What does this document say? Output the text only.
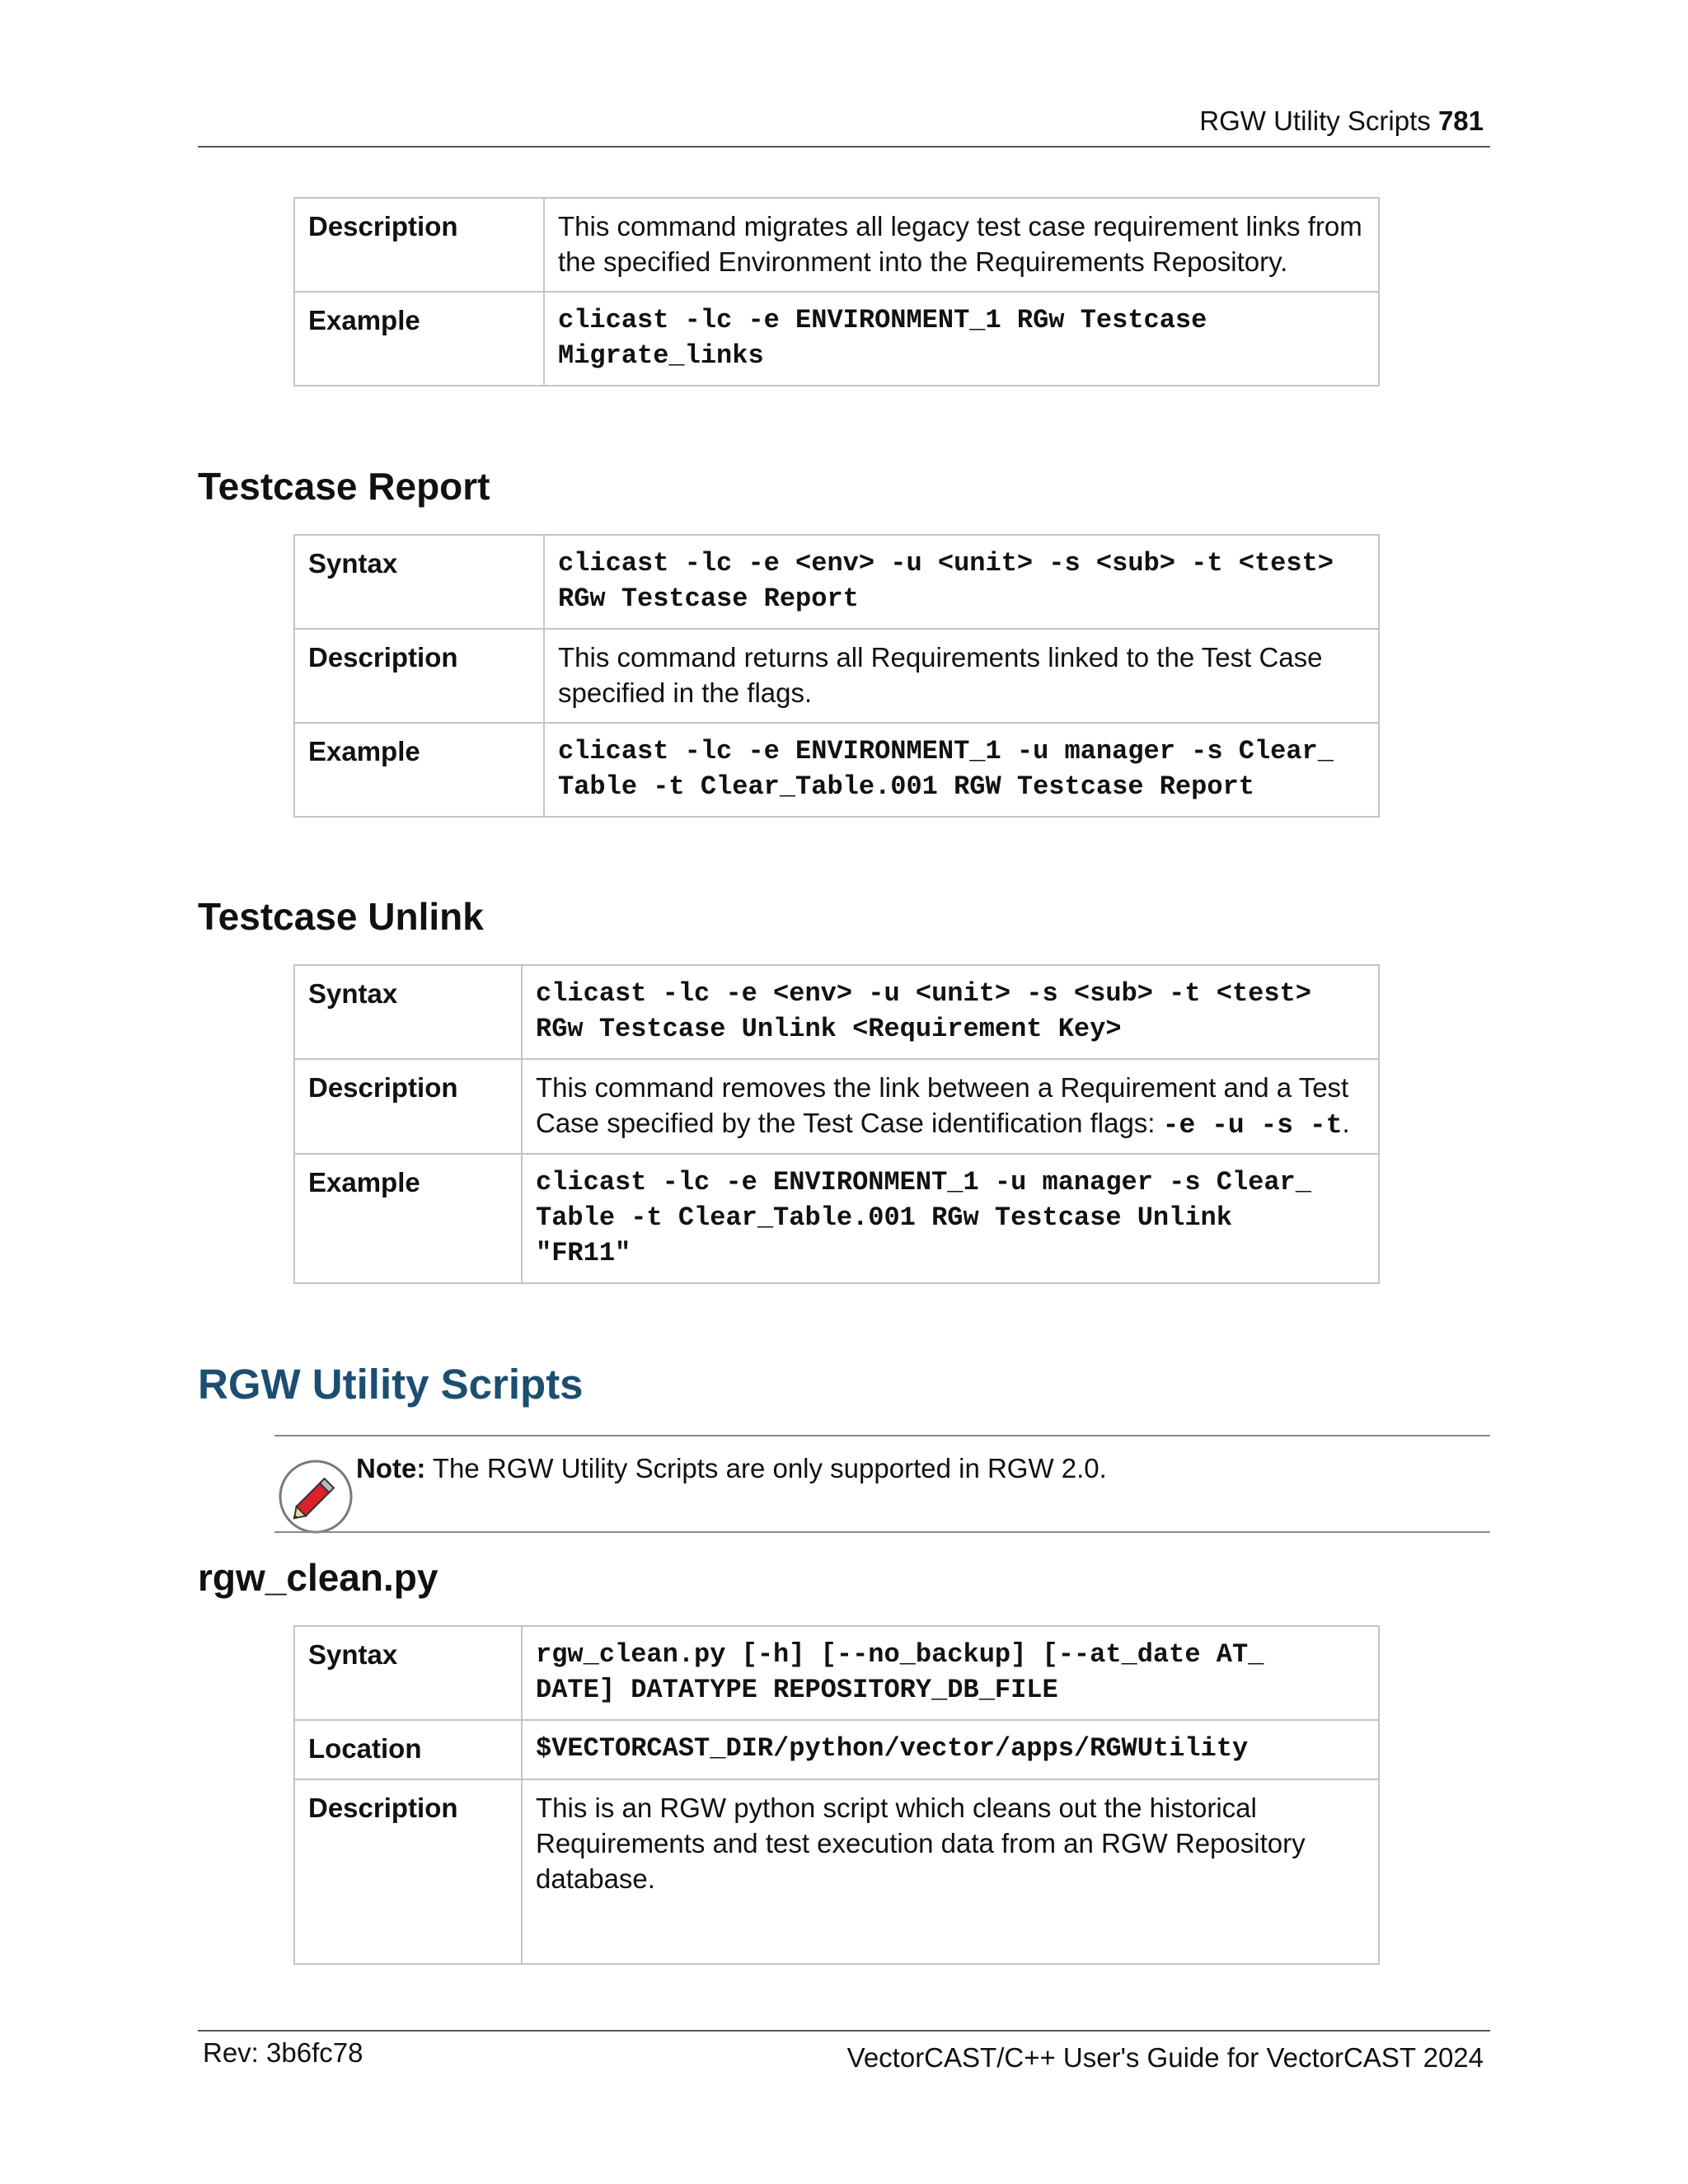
RGW Utility Scripts 781
Description	This command migrates all legacy test case requirement links from the specified Environment into the Requirements Repository.
Example	clicast -lc -e ENVIRONMENT_1 RGw Testcase
Migrate_links
Testcase Report
Syntax	clicast -lc -e <env> -u <unit> -s <sub> -t <test>
RGw Testcase Report
Description	This command returns all Requirements linked to the Test Case specified in the flags.
Example	clicast -lc -e ENVIRONMENT_1 -u manager -s Clear_
Table -t Clear_Table.001 RGW Testcase Report
Testcase Unlink
Syntax	clicast -lc -e <env> -u <unit> -s <sub> -t <test>
RGw Testcase Unlink <Requirement Key>
Description	This command removes the link between a Requirement and a Test Case specified by the Test Case identification flags: -e -u -s -t.
Example	clicast -lc -e ENVIRONMENT_1 -u manager -s Clear_
Table -t Clear_Table.001 RGw Testcase Unlink
"FR11"
RGW Utility Scripts
Note: The RGW Utility Scripts are only supported in RGW 2.0.
rgw_clean.py
Syntax	rgw_clean.py [-h] [--no_backup] [--at_date AT_
DATE] DATATYPE REPOSITORY_DB_FILE
Location	$VECTORCAST_DIR/python/vector/apps/RGWUtility
Description	This is an RGW python script which cleans out the historical Requirements and test execution data from an RGW Repository database.
Rev: 3b6fc78	VectorCAST/C++ User's Guide for VectorCAST 2024
